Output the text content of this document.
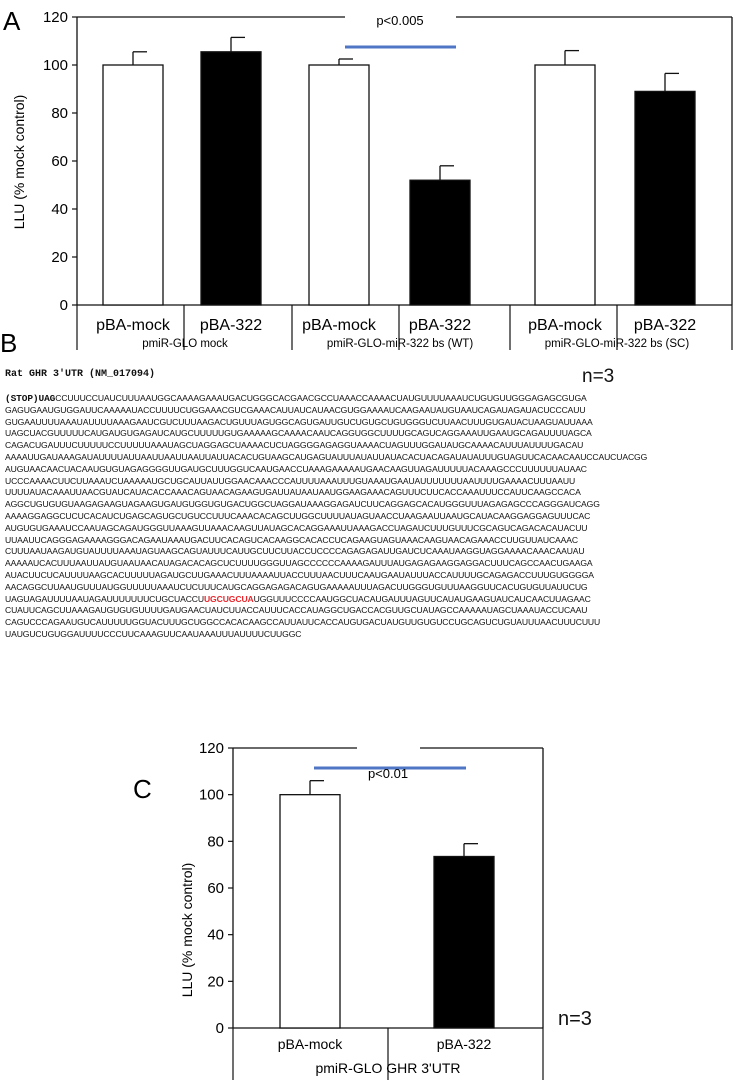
A
B
C
LLU (% mock control)
0
20
40
60
80
100
120
pBA-mock pBA-322 pBA-mock pBA-322	pBA-mock pBA-322
pmiR-GLO mock	pmiR-GLO-miR-322 bs (WT)	pmiR-GLO-miR-322 bs (SC)
p<0.005
LLU (% mock control)
0
20
40
60
80
100
120
pBA-mock	pBA-322
pmiR-GLO GHR 3'UTR
p<0.01
Rat GHR 3'UTR (NM_017094)	n=3
(STOP)UAGCCUUUCCUAUCUUUAAUGGCAAAAGAAAUGACUGGGCACGAACGCCUAAACCAAAACUAUGUUUUAAAUCUGUGUUGGGAGAGCGUGA
GAGUGAAUGUGGAUUCAAAAAUACCUUUUCUGGAAACGUCGAAACAUUAUCAUAACGUGGAAAAUCAAGAAUAUGUAAUCAGAUAGAUACUCCCAUU
GUGAAUUUUAAAUAUUUUAAAGAAUCGUCUUUAAGACUGUUUAGUGGCAGUGAUUGUCUGUGCUGUGGGUCUUAACUUUGUGAUACUAAGUAUUAAA
UAGCUACGUUUUUCAUGAUGUGAGAUCAUGCUUUUUGUGAAAAAGCAAAACAAUCAGGUGGCUUUUGCAGUCAGGAAAUUGAAUGCAGAUUUUAGCA
CAGACUGAUUUCUUUUUCCUUUUUAAAUAGCUAGGAGCUAAAACUCUAGGGGAGAGGUAAAACUAGUUUGGAUAUGCAAAACAUUUAUUUUGACAU
AAAAUUGAUAAAGAUAUUUUAUUAAUUAAUUAAUUAUUACACUGUAAGCAUGAGUAUUUAUAUUAUACACUACAGAUAUAUUUGUAGUUCACAACAAUCCAUCUACGG
AUGUAACAACUACAAUGUGUAGAGGGGUUGAUGCUUUGGUCAAUGAACCUAAAGAAAAAUGAACAAGUUAGAUUUUUACAAAGCCCUUUUUUAUAAC
UCCCAAAACUUCUUAAAUCUAAAAAUGCUGCAUUAUUGGAACAAACCCAUUUUAAAUUUGUAAAUGAAUAUUUUUUUAAUUUUGAAAACUUUAAUU
UUUUAUACAAAUUAACGUAUCAUACACCAAACAGUAACAGAAGUGAUUAUAAUAAUGGAAGAAACAGUUUCUUCACCAAAUUUCCAUUCAAGCCACA
AGGCUGUGUGUAAGAGAAGUAGAAGUGAUGUGGUGUGACUGGCUAGGAUAAAGGAGAUCUUCAGGAGCACAUGGGUUUAGAGAGCCCAGGGAUCAGG
AAAAGGAGGCUCUCACAUCUGAGCAGUGCUGUCCUUUCAAACACAGCUUGGCUUUUAUAGUAACCUAAGAAUUAAUGCAUACAAGGAGGAGUUUCAC
AUGUGUGAAAUCCAAUAGCAGAUGGGUUAAAGUUAAACAAGUUAUAGCACAGGAAAUUAAAGACCUAGAUCUUUGUUUCGCAGUCAGACACAUACUU
UUAAUUCAGGGAGAAAAGGGACAGAAUAAAUGACUUCACAGUCACAAGGCACACCUCAGAAGUAGUAAACAAGUAACAGAAACCUUGUUAUCAAAC
CUUUAAUAAGAUGUAUUUUAAAUAGUAAGCAGUAUUUCAUUGCUUCUUACCUCCCCAGAGAGAUUGAUCUCAAAUAAGGUAGGAAAACAAACAAUAU
AAAAAUCACUUUAAUUAUGUAAUAACAUAGACACAGCUCUUUUGGGUUAGCCCCCCAAAAGAUUUAUGAGAGAAGGAGGACUUUCAGCCAACUGAAGA
AUACUUCUCAUUUUAAGCACUUUUUAGAUGCUUGAAACUUUAAAAUUACCUUUAACUUUCAAUGAAUAUUUACCAUUUUGCAGAGACCUUUGUGGGGA
AACAGGCUUAAUGUUUAUGGUUUUUAAAUCUCUUUCAUGCAGGAGAGACAGUGAAAAAUUUAGACUUGGGUGUUUAAGGUUCACUGUGUUAUUCUG
UAGUAGAUUUUAAUAGAUUUUUUUCUGCUACCUUGCUGCUAUGGUUUCCCCAAUGGCUACAUGAUUUAGUUCAUAUGAAGUAUCAUCAACUUAGAAC
CUAUUCAGCUUAAAGAUGUGUGUUUUGAUGAACUAUCUUACCAUUUCACCAUAGGCUGACCACGUUGCUAUAGCCAAAAAUAGCUAAAUACCUCAAU
CAGUCCCAGAAUGUCAUUUUUGGUACUUUGCUGGCCACACAAGCCAUUAUUCACCAUGUGACUAUGUUGUGUCCUGCAGUCUGUAUUUAACUUUCUUU
UAUGUCUGUGGAUUUUCCCUUCAAAGUUCAAUAAAUUUAUUUUCUUGGC
n=3
